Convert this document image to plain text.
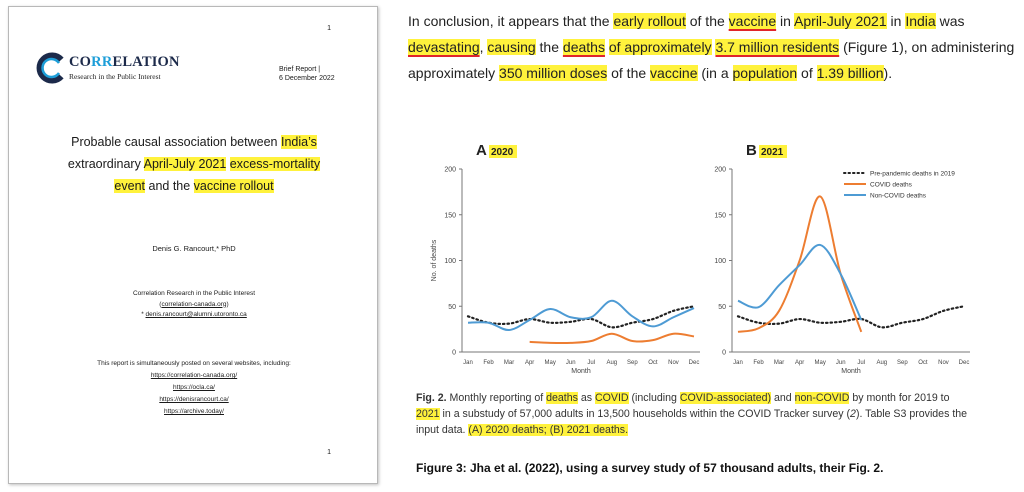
1
CORRELATION
Research in the Public Interest
Brief Report |
6 December 2022
Probable causal association between India’s
extraordinary April-July 2021 excess-mortality
event and the vaccine rollout
Denis G. Rancourt,* PhD
Correlation Research in the Public Interest
(correlation-canada.org)
* denis.rancourt@alumni.utoronto.ca
This report is simultaneously posted on several websites, including:
https://correlation-canada.org/
https://ocla.ca/
https://denisrancourt.ca/
https://archive.today/
1
In conclusion, it appears that the early rollout of the vaccine in April-July 2021 in India was devastating, causing the deaths of approximately 3.7 million residents (Figure 1), on administering approximately 350 million doses of the vaccine (in a population of 1.39 billion).
A 2020
0
50
100
150
200
Jan Feb Mar Apr May Jun Jul Aug Sep Oct Nov Dec
Month
No. of deaths
B 2021
0
50
100
150
200
Jan Feb Mar Apr May Jun Jul Aug Sep Oct Nov Dec
Month
Pre-pandemic deaths in 2019
COVID deaths
Non-COVID deaths
Fig. 2. Monthly reporting of deaths as COVID (including COVID-associated) and non-COVID by month for 2019 to 2021 in a substudy of 57,000 adults in 13,500 households within the COVID Tracker survey (2). Table S3 provides the input data. (A) 2020 deaths; (B) 2021 deaths.
Figure 3: Jha et al. (2022), using a survey study of 57 thousand adults, their Fig. 2.
